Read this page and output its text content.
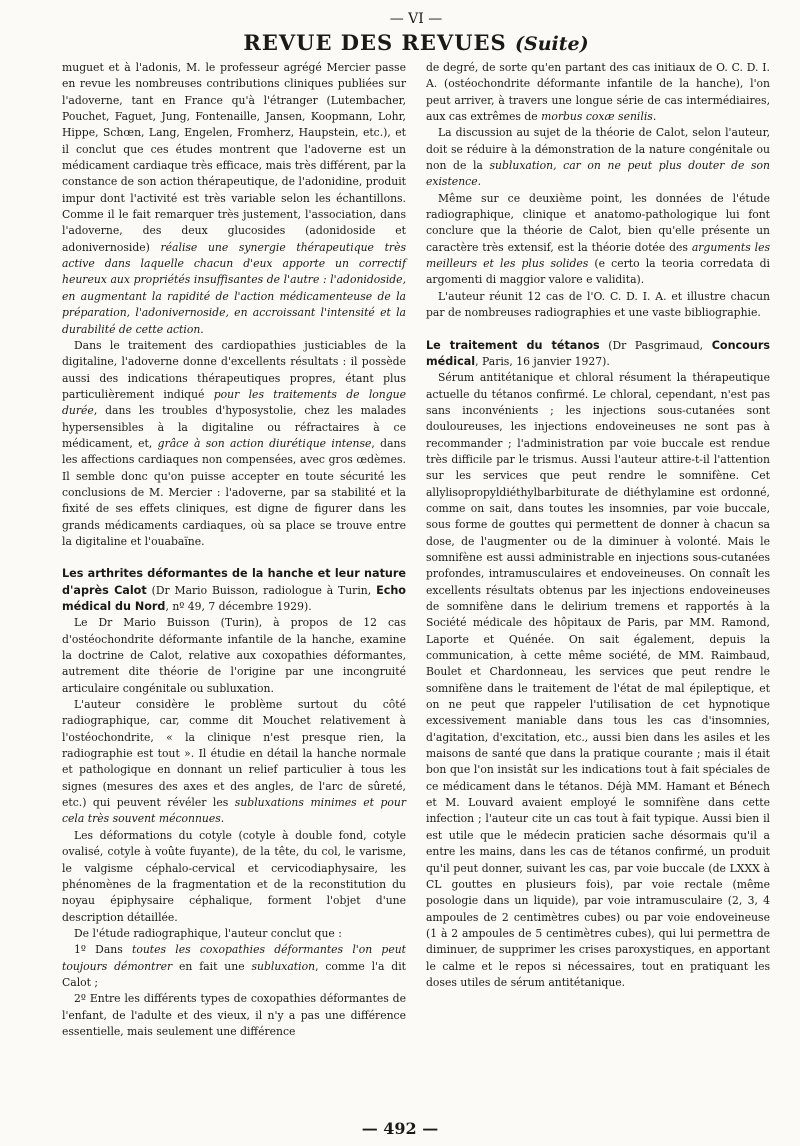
— VI —
REVUE DES REVUES (Suite)

muguet et à l'adonis, M. le professeur agrégé Mercier passe en revue les nombreuses contributions cliniques publiées sur l'adoverne, tant en France qu'à l'étranger (Lutembacher, Pouchet, Faguet, Jung, Fontenaille, Jansen, Koopmann, Lohr, Hippe, Schœn, Lang, Engelen, Fromherz, Haupstein, etc.), et il conclut que ces études montrent que l'adoverne est un médicament cardiaque très efficace, mais très différent, par la constance de son action thérapeutique, de l'adonidine, produit impur dont l'activité est très variable selon les échantillons. Comme il le fait remarquer très justement, l'association, dans l'adoverne, des deux glucosides (adonidoside et adonivernoside) réalise une synergie thérapeutique très active dans laquelle chacun d'eux apporte un correctif heureux aux propriétés insuffisantes de l'autre : l'adonidoside, en augmentant la rapidité de l'action médicamenteuse de la préparation, l'adonivernoside, en accroissant l'intensité et la durabilité de cette action.

Dans le traitement des cardiopathies justiciables de la digitaline, l'adoverne donne d'excellents résultats : il possède aussi des indications thérapeutiques propres, étant plus particulièrement indiqué pour les traitements de longue durée, dans les troubles d'hyposystolie, chez les malades hypersensibles à la digitaline ou réfractaires à ce médicament, et, grâce à son action diurétique intense, dans les affections cardiaques non compensées, avec gros œdèmes. Il semble donc qu'on puisse accepter en toute sécurité les conclusions de M. Mercier : l'adoverne, par sa stabilité et la fixité de ses effets cliniques, est digne de figurer dans les grands médicaments cardiaques, où sa place se trouve entre la digitaline et l'ouabaïne.

Les arthrites déformantes de la hanche et leur nature d'après Calot (Dr Mario Buisson, radiologue à Turin, Echo médical du Nord, nº 49, 7 décembre 1929).

Le Dr Mario Buisson (Turin), à propos de 12 cas d'ostéochondrite déformante infantile de la hanche, examine la doctrine de Calot, relative aux coxopathies déformantes, autrement dite théorie de l'origine par une incongruité articulaire congénitale ou subluxation.

L'auteur considère le problème surtout du côté radiographique, car, comme dit Mouchet relativement à l'ostéochondrite, « la clinique n'est presque rien, la radiographie est tout ». Il étudie en détail la hanche normale et pathologique en donnant un relief particulier à tous les signes (mesures des axes et des angles, de l'arc de sûreté, etc.) qui peuvent révéler les subluxations minimes et pour cela très souvent méconnues.

Les déformations du cotyle (cotyle à double fond, cotyle ovalisé, cotyle à voûte fuyante), de la tête, du col, le varisme, le valgisme céphalo-cervical et cervicodiaphysaire, les phénomènes de la fragmentation et de la reconstitution du noyau épiphysaire céphalique, forment l'objet d'une description détaillée.

De l'étude radiographique, l'auteur conclut que :

1º Dans toutes les coxopathies déformantes l'on peut toujours démontrer en fait une subluxation, comme l'a dit Calot ;

2º Entre les différents types de coxopathies déformantes de l'enfant, de l'adulte et des vieux, il n'y a pas une différence essentielle, mais seulement une différence

de degré, de sorte qu'en partant des cas initiaux de O. C. D. I. A. (ostéochondrite déformante infantile de la hanche), l'on peut arriver, à travers une longue série de cas intermédiaires, aux cas extrêmes de morbus coxæ senilis.

La discussion au sujet de la théorie de Calot, selon l'auteur, doit se réduire à la démonstration de la nature congénitale ou non de la subluxation, car on ne peut plus douter de son existence.

Même sur ce deuxième point, les données de l'étude radiographique, clinique et anatomo-pathologique lui font conclure que la théorie de Calot, bien qu'elle présente un caractère très extensif, est la théorie dotée des arguments les meilleurs et les plus solides (e certo la teoria corredata di argomenti di maggior valore e validita).

L'auteur réunit 12 cas de l'O. C. D. I. A. et illustre chacun par de nombreuses radiographies et une vaste bibliographie.

Le traitement du tétanos (Dr Pasgrimaud, Concours médical, Paris, 16 janvier 1927).

Sérum antitétanique et chloral résument la thérapeutique actuelle du tétanos confirmé. Le chloral, cependant, n'est pas sans inconvénients ; les injections sous-cutanées sont douloureuses, les injections endoveineuses ne sont pas à recommander ; l'administration par voie buccale est rendue très difficile par le trismus. Aussi l'auteur attire-t-il l'attention sur les services que peut rendre le somnifène. Cet allylisopropyldiéthylbarbiturate de diéthylamine est ordonné, comme on sait, dans toutes les insomnies, par voie buccale, sous forme de gouttes qui permettent de donner à chacun sa dose, de l'augmenter ou de la diminuer à volonté. Mais le somnifène est aussi administrable en injections sous-cutanées profondes, intramusculaires et endoveineuses. On connaît les excellents résultats obtenus par les injections endoveineuses de somnifène dans le delirium tremens et rapportés à la Société médicale des hôpitaux de Paris, par MM. Ramond, Laporte et Quénée. On sait également, depuis la communication, à cette même société, de MM. Raimbaud, Boulet et Chardonneau, les services que peut rendre le somnifène dans le traitement de l'état de mal épileptique, et on ne peut que rappeler l'utilisation de cet hypnotique excessivement maniable dans tous les cas d'insomnies, d'agitation, d'excitation, etc., aussi bien dans les asiles et les maisons de santé que dans la pratique courante ; mais il était bon que l'on insistât sur les indications tout à fait spéciales de ce médicament dans le tétanos. Déjà MM. Hamant et Bénech et M. Louvard avaient employé le somnifène dans cette infection ; l'auteur cite un cas tout à fait typique. Aussi bien il est utile que le médecin praticien sache désormais qu'il a entre les mains, dans les cas de tétanos confirmé, un produit qu'il peut donner, suivant les cas, par voie buccale (de LXXX à CL gouttes en plusieurs fois), par voie rectale (même posologie dans un liquide), par voie intramusculaire (2, 3, 4 ampoules de 2 centimètres cubes) ou par voie endoveineuse (1 à 2 ampoules de 5 centimètres cubes), qui lui permettra de diminuer, de supprimer les crises paroxystiques, en apportant le calme et le repos si nécessaires, tout en pratiquant les doses utiles de sérum antitétanique.

— 492 —
